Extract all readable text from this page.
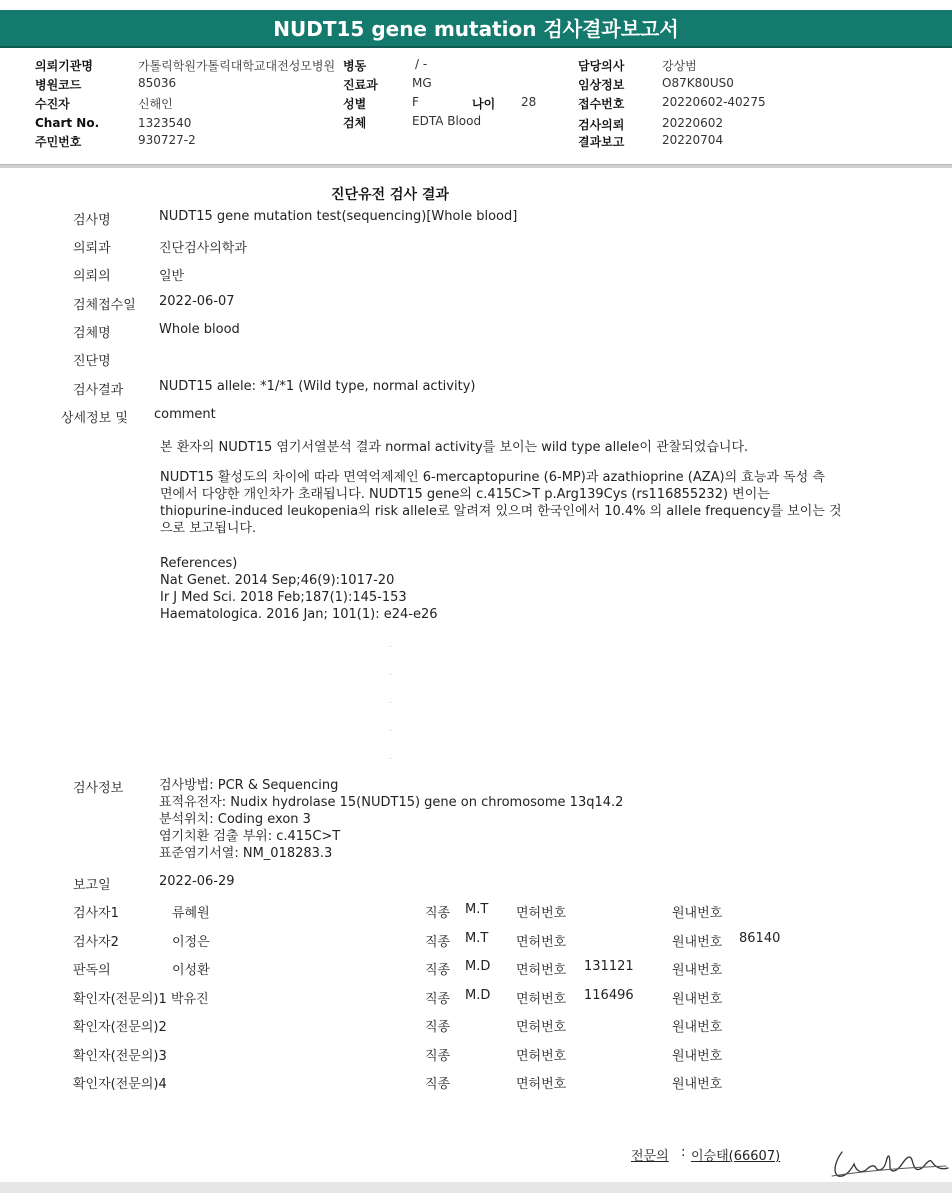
NUDT15 gene mutation 검사결과보고서
의뢰기관명	가톨릭학원가톨릭대학교대전성모병원 병동	/ -	담당의사	강상범
병원코드	85036	진료과	MG	임상정보	O87K80US0
수진자	신해인	성별	F	나이 28	접수번호	20220602-40275
Chart No.	1323540	검체	EDTA Blood	검사의뢰	20220602
주민번호	930727-2	결과보고	20220704
진단유전 검사 결과
검사명	NUDT15 gene mutation test(sequencing)[Whole blood]
의뢰과	진단검사의학과
의뢰의	일반
검체접수일 2022-06-07
검체명	Whole blood
진단명
검사결과	NUDT15 allele: *1/*1 (Wild type, normal activity)
상세정보 및 comment
본 환자의 NUDT15 염기서열분석 결과 normal activity를 보이는 wild type allele이 관찰되었습니다.
NUDT15 활성도의 차이에 따라 면역억제제인 6-mercaptopurine (6-MP)과 azathioprine (AZA)의 효능과 독성 측
면에서 다양한 개인차가 초래됩니다. NUDT15 gene의 c.415C>T p.Arg139Cys (rs116855232) 변이는
thiopurine-induced leukopenia의 risk allele로 알려져 있으며 한국인에서 10.4% 의 allele frequency를 보이는 것
으로 보고됩니다.
References)
Nat Genet. 2014 Sep;46(9):1017-20
Ir J Med Sci. 2018 Feb;187(1):145-153
Haematologica. 2016 Jan; 101(1): e24-e26
검사정보	검사방법: PCR & Sequencing
표적유전자: Nudix hydrolase 15(NUDT15) gene on chromosome 13q14.2
분석위치: Coding exon 3
염기치환 검출 부위: c.415C>T
표준염기서열: NM_018283.3
보고일	2022-06-29
검사자1	류혜원	직종 M.T 면허번호	원내번호
검사자2	이정은	직종 M.T 면허번호	원내번호 86140
판독의	이성환	직종 M.D 면허번호 131121	원내번호
확인자(전문의)1 박유진	직종 M.D 면허번호 116496	원내번호
확인자(전문의)2	직종	면허번호	원내번호
확인자(전문의)3	직종	면허번호	원내번호
확인자(전문의)4	직종	면허번호	원내번호
전문의 : 이승태(66607)
